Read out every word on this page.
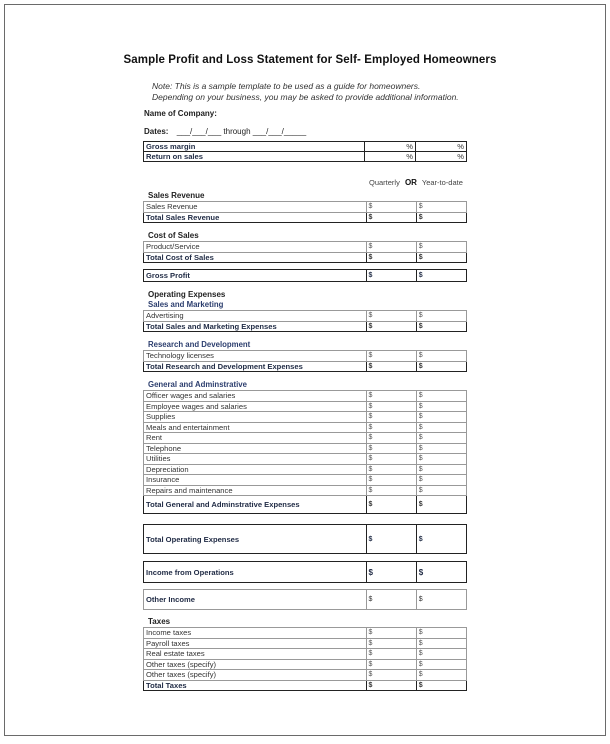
Sample Profit and Loss Statement for Self- Employed Homeowners
Note: This is a sample template to be used as a guide for homeowners.
Depending on your business, you may be asked to provide additional information.
Name of Company:
Dates: ___/___/___ through ___/___/_____
Gross margin	%	%
Return on sales	%	%
Quarterly OR Year-to-date
Sales Revenue
Sales Revenue	$	$
Total Sales Revenue	$	$
Cost of Sales
Product/Service	$	$
Total Cost of Sales	$	$
Gross Profit	$	$
Operating Expenses
Sales and Marketing
Advertising	$	$
Total Sales and Marketing Expenses	$	$
Research and Development
Technology licenses	$	$
Total Research and Development Expenses	$	$
General and Adminstrative
Officer wages and salaries	$	$
Employee wages and salaries	$	$
Supplies	$	$
Meals and entertainment	$	$
Rent	$	$
Telephone	$	$
Utilities	$	$
Depreciation	$	$
Insurance	$	$
Repairs and maintenance	$	$
Total General and Adminstrative Expenses	$	$
Total Operating Expenses	$	$
Income from Operations	$	$
Other Income	$	$
Taxes
Income taxes	$	$
Payroll taxes	$	$
Real estate taxes	$	$
Other taxes (specify)	$	$
Other taxes (specify)	$	$
Total Taxes	$	$
